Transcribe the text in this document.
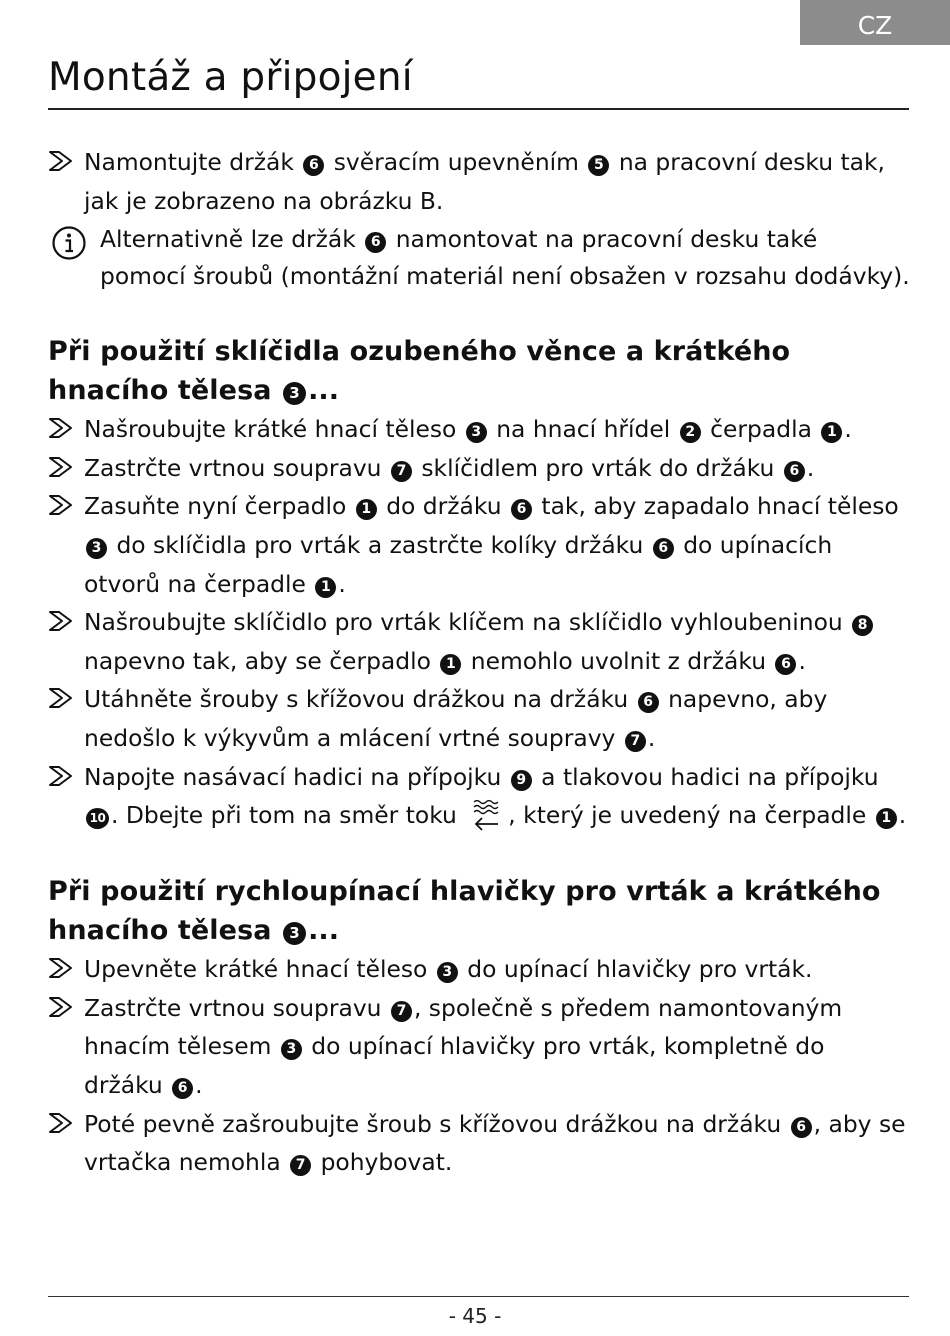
CZ
Montáž a připojení
Namontujte držák 6 svěracím upevněním 5 na pracovní desku tak, jak je zobrazeno na obrázku B.
Alternativně lze držák 6 namontovat na pracovní desku také pomocí šroubů (montážní materiál není obsažen v rozsahu dodávky).
Při použití sklíčidla ozubeného věnce a krátkého hnacího tělesa 3 ...
Našroubujte krátké hnací těleso 3 na hnací hřídel 2 čerpadla 1 .
Zastrčte vrtnou soupravu 7 sklíčidlem pro vrták do držáku 6 .
Zasuňte nyní čerpadlo 1 do držáku 6 tak, aby zapadalo hnací těleso 3 do sklíčidla pro vrták a zastrčte kolíky držáku 6 do upínacích otvorů na čerpadle 1 .
Našroubujte sklíčidlo pro vrták klíčem na sklíčidlo vyhloubeninou 8 napevno tak, aby se čerpadlo 1 nemohlo uvolnit z držáku 6 .
Utáhněte šrouby s křížovou drážkou na držáku 6 napevno, aby nedošlo k výkyvům a mlácení vrtné soupravy 7 .
Napojte nasávací hadici na přípojku 9 a tlakovou hadici na přípojku 10 . Dbejte při tom na směr toku , který je uvedený na čerpadle 1 .
Při použití rychloupínací hlavičky pro vrták a krátkého hnacího tělesa 3 ...
Upevněte krátké hnací těleso 3 do upínací hlavičky pro vrták.
Zastrčte vrtnou soupravu 7 , společně s předem namontovaným hnacím tělesem 3 do upínací hlavičky pro vrták, kompletně do držáku 6 .
Poté pevně zašroubujte šroub s křížovou drážkou na držáku 6 , aby se vrtačka nemohla 7 pohybovat.
- 45 -
